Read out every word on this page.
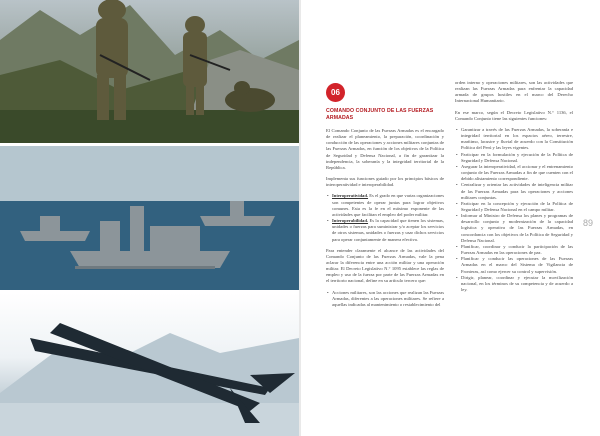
06
COMANDO CONJUNTO DE LAS FUERZAS ARMADAS

El Comando Conjunto de las Fuerzas Armadas es el encargado de realizar el planeamiento, la preparación, coordinación y conducción de las operaciones y acciones militares conjuntas de las Fuerzas Armadas, en función de los objetivos de la Política de Seguridad y Defensa Nacional, a fin de garantizar la independencia, la soberanía y la integridad territorial de la República.

Implementa sus funciones guiado por los principios básicos de interoperatividad e interoperabilidad.

• Interoperatividad. Es el grado en que varias organizaciones son competentes de operar juntas para lograr objetivos comunes. Esta es la fe en el máximo exponente de las actividades que facilitan el empleo del poder militar.
• Interoperabilidad. Es la capacidad que tienen los sistemas, unidades o fuerzas para suministrar y/o aceptar los servicios de otros sistemas, unidades o fuerzas y usar dichos servicios para operar conjuntamente de manera efectiva.

Para entender claramente el alcance de las actividades del Comando Conjunto de las Fuerzas Armadas, vale la pena aclarar la diferencia entre una acción militar y una operación militar. El Decreto Legislativo N.° 1095 establece las reglas de empleo y uso de la fuerza por parte de las Fuerzas Armadas en el territorio nacional, define en su artículo tercero que:

• Acciones militares, son las acciones que realizan las Fuerzas Armadas, diferentes a las operaciones militares. Se refiere a aquellas indicadas al mantenimiento o restablecimiento del

orden interno y operaciones militares, son las actividades que realizan las Fuerzas Armadas para enfrentar la capacidad armada de grupos hostiles en el marco del Derecho Internacional Humanitario.

En ese marco, según el Decreto Legislativo N.° 1136, el Comando Conjunto tiene las siguientes funciones:

• Garantizar a través de las Fuerzas Armadas, la soberanía e integridad territorial en los espacios aéreo, terrestre, marítimo, lacustre y fluvial de acuerdo con la Constitución Política del Perú y las leyes vigentes.
• Participar en la formulación y ejecución de la Política de Seguridad y Defensa Nacional.
• Asegurar la interoperatividad, el accionar y el entrenamiento conjunto de las Fuerzas Armadas a fin de que cuenten con el debido alistamiento correspondiente.
• Centralizar y orientar las actividades de inteligencia militar de las Fuerzas Armadas para las operaciones y acciones militares conjuntas.
• Participar en la concepción y ejecución de la Política de Seguridad y Defensa Nacional en el campo militar.
• Informar al Ministro de Defensa los planes y programas de desarrollo conjunto y modernización de la capacidad logística y operativa de las Fuerzas Armadas, en concordancia con los objetivos de la Política de Seguridad y Defensa Nacional.
• Planificar, coordinar y conducir la participación de las Fuerzas Armadas en las operaciones de paz.
• Planificar y conducir las operaciones de las Fuerzas Armadas en el marco del Sistema de Vigilancia de Fronteras, así como ejercer su control y supervisión.
• Dirigir, planear, coordinar y ejecutar la movilización nacional, en los términos de su competencia y de acuerdo a ley.
89
